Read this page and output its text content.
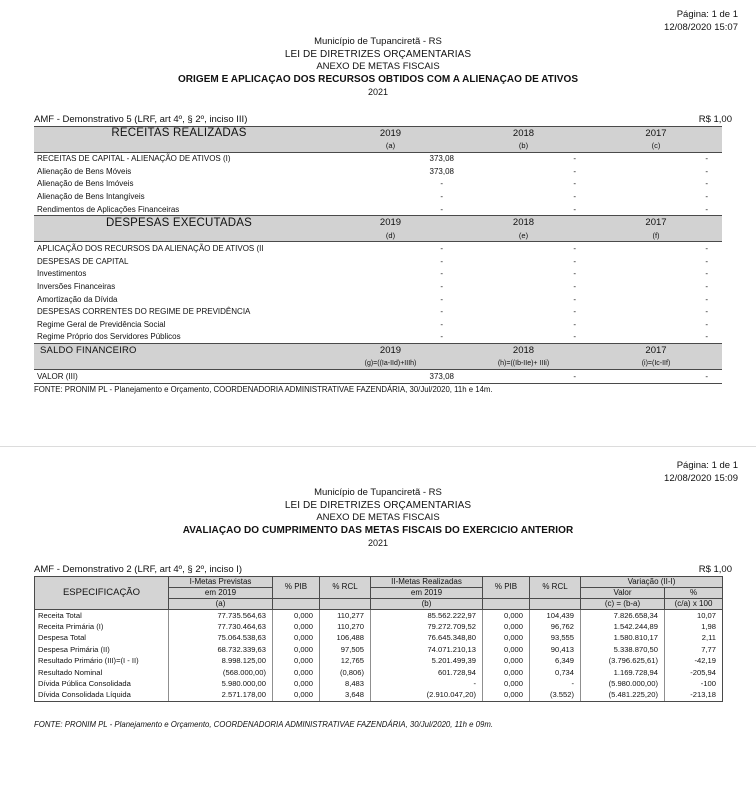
Página: 1 de 1
12/08/2020 15:07
Município de Tupanciretã - RS
LEI DE DIRETRIZES ORÇAMENTARIAS
ANEXO DE METAS FISCAIS
ORIGEM E APLICAÇAO DOS RECURSOS OBTIDOS COM A ALIENAÇAO DE ATIVOS
2021
AMF - Demonstrativo 5 (LRF, art 4º, § 2º, inciso III)	R$ 1,00
RECEITAS REALIZADAS	2019	2018	2017
	(a)	(b)	(c)
RECEITAS DE CAPITAL - ALIENAÇÃO DE ATIVOS (I)	373,08	-	-
Alienação de Bens Móveis	373,08	-	-
Alienação de Bens Imóveis	-	-	-
Alienação de Bens Intangíveis	-	-	-
Rendimentos de Aplicações Financeiras	-	-	-
DESPESAS EXECUTADAS	2019	2018	2017
	(d)	(e)	(f)
APLICAÇÃO DOS RECURSOS DA ALIENAÇÃO DE ATIVOS (II	-	-	-
DESPESAS DE CAPITAL	-	-	-
Investimentos	-	-	-
Inversões Financeiras	-	-	-
Amortização da Dívida	-	-	-
DESPESAS CORRENTES DO REGIME DE PREVIDÊNCIA	-	-	-
Regime Geral de Previdência Social	-	-	-
Regime Próprio dos Servidores Públicos	-	-	-
SALDO FINANCEIRO	2019	2018	2017
	(g)=((Ia-IId)+IIIh)	(h)=((Ib-IIe)+ IIIi)	(i)=(Ic-IIf)
VALOR (III)	373,08	-	-

FONTE: PRONIM PL - Planejamento e Orçamento, COORDENADORIA ADMINISTRATIVAE FAZENDÁRIA, 30/Jul/2020, 11h e 14m.
Página: 1 de 1
12/08/2020 15:09
Município de Tupanciretã - RS
LEI DE DIRETRIZES ORÇAMENTARIAS
ANEXO DE METAS FISCAIS
AVALIAÇAO DO CUMPRIMENTO DAS METAS FISCAIS DO EXERCICIO ANTERIOR
2021
AMF - Demonstrativo 2 (LRF, art 4º, § 2º, inciso I)	R$ 1,00
ESPECIFICAÇÃO	I-Metas Previstas	% PIB	% RCL	II-Metas Realizadas	% PIB	% RCL	Variação (II-I)	
	em 2019			em 2019			Valor	%
	(a)			(b)			(c) = (b-a)	(c/a) x 100
Receita Total	77.735.564,63	0,000	110,277	85.562.222,97	0,000	104,439	7.826.658,34	10,07
Receita Primária (I)	77.730.464,63	0,000	110,270	79.272.709,52	0,000	96,762	1.542.244,89	1,98
Despesa Total	75.064.538,63	0,000	106,488	76.645.348,80	0,000	93,555	1.580.810,17	2,11
Despesa Primária (II)	68.732.339,63	0,000	97,505	74.071.210,13	0,000	90,413	5.338.870,50	7,77
Resultado Primário (III)=(I - II)	8.998.125,00	0,000	12,765	5.201.499,39	0,000	6,349	(3.796.625,61)	-42,19
Resultado Nominal	(568.000,00)	0,000	(0,806)	601.728,94	0,000	0,734	1.169.728,94	-205,94
Dívida Pública Consolidada	5.980.000,00	0,000	8,483	-	0,000	-	(5.980.000,00)	-100
Dívida Consolidada Líquida	2.571.178,00	0,000	3,648	(2.910.047,20)	0,000	(3.552)	(5.481.225,20)	-213,18
FONTE: PRONIM PL - Planejamento e Orçamento, COORDENADORIA ADMINISTRATIVAE FAZENDÁRIA, 30/Jul/2020, 11h e 09m.
